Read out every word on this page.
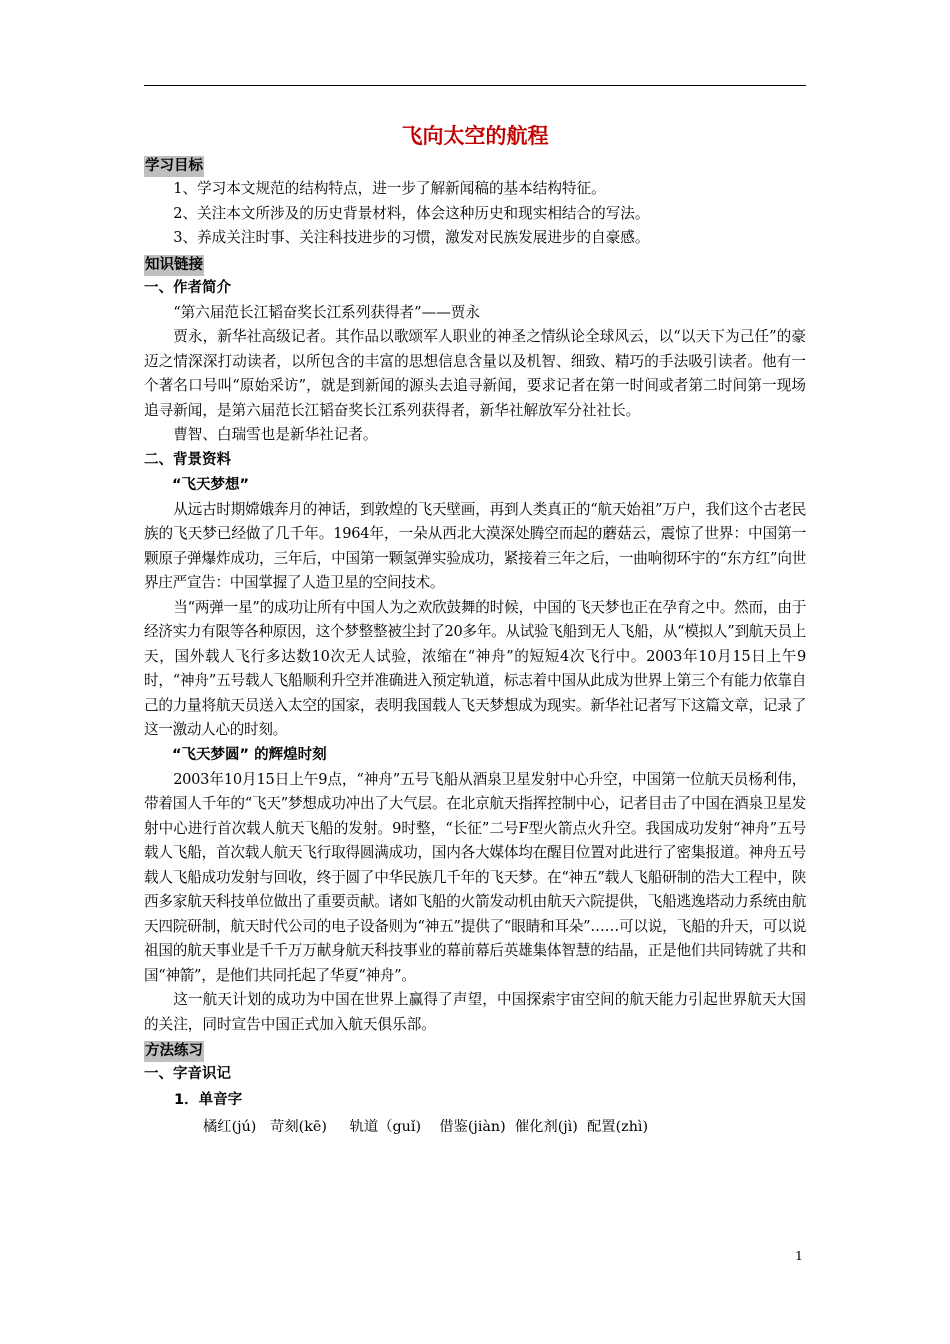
飞向太空的航程
学习目标

1、学习本文规范的结构特点，进一步了解新闻稿的基本结构特征。

2、关注本文所涉及的历史背景材料，体会这种历史和现实相结合的写法。

3、养成关注时事、关注科技进步的习惯，激发对民族发展进步的自豪感。

知识链接
一、作者简介

“第六届范长江韬奋奖长江系列获得者”——贾永

贾永，新华社高级记者。其作品以歌颂军人职业的神圣之情纵论全球风云，以“以天下为己任”的豪迈之情深深打动读者，以所包含的丰富的思想信息含量以及机智、细致、精巧的手法吸引读者。他有一个著名口号叫“原始采访”，就是到新闻的源头去追寻新闻，要求记者在第一时间或者第二时间第一现场追寻新闻，是第六届范长江韬奋奖长江系列获得者，新华社解放军分社社长。

曹智、白瑞雪也是新华社记者。

二、背景资料
“飞天梦想”

从远古时期嫦娥奔月的神话，到敦煌的飞天壁画，再到人类真正的“航天始祖”万户，我们这个古老民族的飞天梦已经做了几千年。1964年，一朵从西北大漠深处腾空而起的蘑菇云，震惊了世界：中国第一颗原子弹爆炸成功，三年后，中国第一颗氢弹实验成功，紧接着三年之后，一曲响彻环宇的“东方红”向世界庄严宣告：中国掌握了人造卫星的空间技术。

当“两弹一星”的成功让所有中国人为之欢欣鼓舞的时候，中国的飞天梦也正在孕育之中。然而，由于经济实力有限等各种原因，这个梦整整被尘封了20多年。从试验飞船到无人飞船，从“模拟人”到航天员上天，国外载人飞行多达数10次无人试验，浓缩在“神舟”的短短4次飞行中。2003年10月15日上午9时，“神舟”五号载人飞船顺利升空并准确进入预定轨道，标志着中国从此成为世界上第三个有能力依靠自己的力量将航天员送入太空的国家，表明我国载人飞天梦想成为现实。新华社记者写下这篇文章，记录了这一激动人心的时刻。

“飞天梦圆” 的辉煌时刻

2003年10月15日上午9点，“神舟”五号飞船从酒泉卫星发射中心升空，中国第一位航天员杨利伟，带着国人千年的“飞天”梦想成功冲出了大气层。在北京航天指挥控制中心，记者目击了中国在酒泉卫星发射中心进行首次载人航天飞船的发射。9时整，“长征”二号F型火箭点火升空。我国成功发射“神舟”五号载人飞船，首次载人航天飞行取得圆满成功，国内各大媒体均在醒目位置对此进行了密集报道。神舟五号载人飞船成功发射与回收，终于圆了中华民族几千年的飞天梦。在“神五”载人飞船研制的浩大工程中，陕西多家航天科技单位做出了重要贡献。诸如飞船的火箭发动机由航天六院提供，飞船逃逸塔动力系统由航天四院研制，航天时代公司的电子设备则为“神五”提供了“眼睛和耳朵”……可以说，飞船的升天，可以说祖国的航天事业是千千万万献身航天科技事业的幕前幕后英雄集体智慧的结晶，正是他们共同铸就了共和国“神箭”，是他们共同托起了华夏“神舟”。

这一航天计划的成功为中国在世界上赢得了声望，中国探索宇宙空间的航天能力引起世界航天大国的关注，同时宣告中国正式加入航天俱乐部。

方法练习
一、字音识记
1．单音字
橘红(jú) 苛刻(kē) 轨道（guǐ) 借鉴(jiàn) 催化剂(jì) 配置(zhì)
1
